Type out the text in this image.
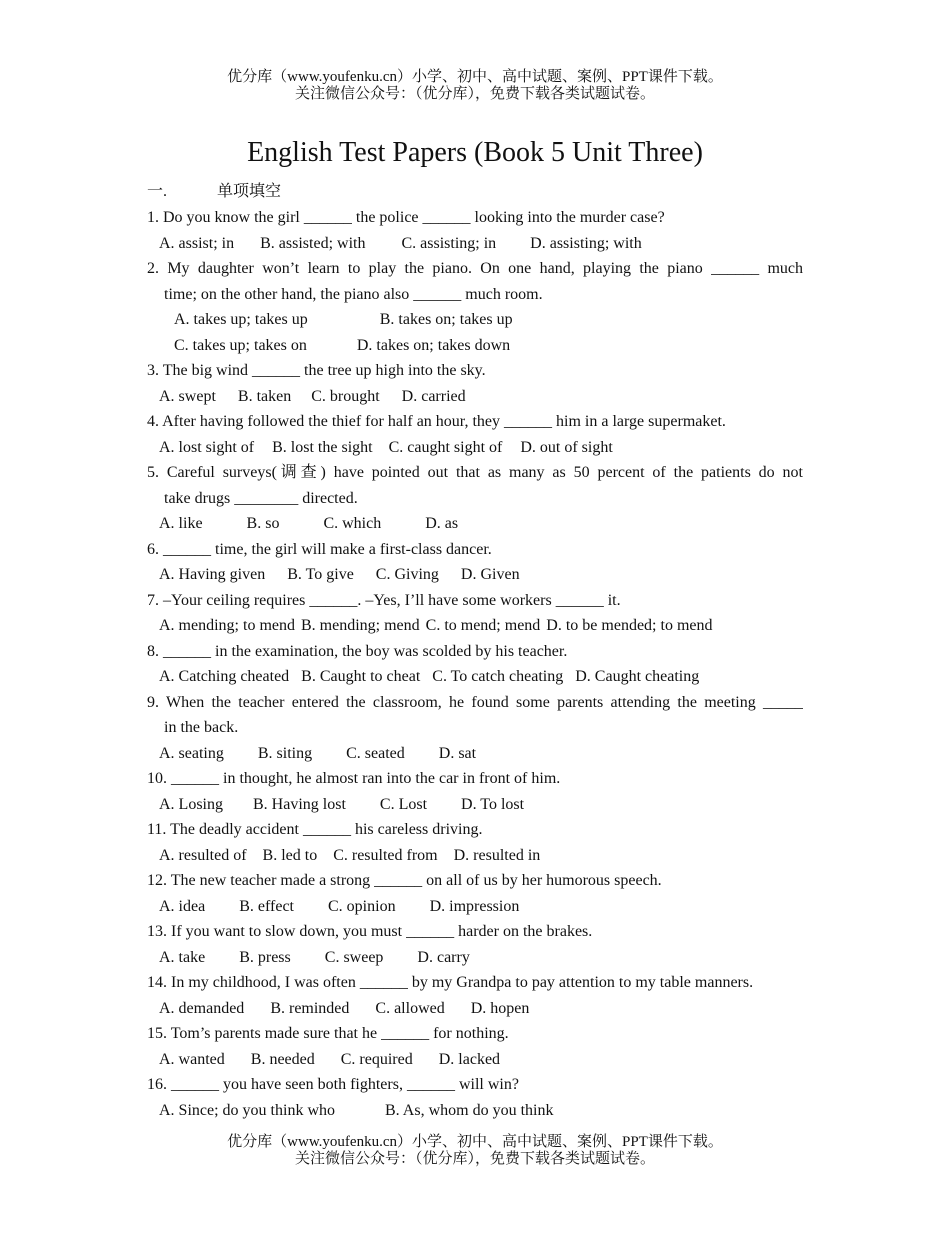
优分库（www.youfenku.cn）小学、初中、高中试题、案例、PPT课件下载。
关注微信公众号：（优分库），免费下载各类试题试卷。
English Test Papers (Book 5 Unit Three)
一.	单项填空
1. Do you know the girl ______ the police ______ looking into the murder case?
A. assist; in B. assisted; with C. assisting; in D. assisting; with
2. My daughter won’t learn to play the piano. On one hand, playing the piano ______ much
time; on the other hand, the piano also ______ much room.
A. takes up; takes up	B. takes on; takes up
C. takes up; takes on	D. takes on; takes down
3. The big wind ______ the tree up high into the sky.
A. swept B. taken C. brought D. carried
4. After having followed the thief for half an hour, they ______ him in a large supermaket.
A. lost sight of B. lost the sight C. caught sight of D. out of sight
5. Careful surveys(调查) have pointed out that as many as 50 percent of the patients do not
take drugs ________ directed.
A. like	B. so	C. which	D. as
6. ______ time, the girl will make a first-class dancer.
A. Having given B. To give C. Giving D. Given
7. –Your ceiling requires ______. –Yes, I’ll have some workers ______ it.
A. mending; to mend B. mending; mend C. to mend; mend D. to be mended; to mend
8. ______ in the examination, the boy was scolded by his teacher.
A. Catching cheated B. Caught to cheat C. To catch cheating D. Caught cheating
9. When the teacher entered the classroom, he found some parents attending the meeting _____
in the back.
A. seating B. siting C. seated D. sat
10. ______ in thought, he almost ran into the car in front of him.
A. Losing B. Having lost C. Lost D. To lost
11. The deadly accident ______ his careless driving.
A. resulted of B. led to C. resulted from D. resulted in
12. The new teacher made a strong ______ on all of us by her humorous speech.
A. idea B. effect C. opinion D. impression
13. If you want to slow down, you must ______ harder on the brakes.
A. take B. press C. sweep D. carry
14. In my childhood, I was often ______ by my Grandpa to pay attention to my table manners.
A. demanded B. reminded C. allowed D. hopen
15. Tom’s parents made sure that he ______ for nothing.
A. wanted B. needed C. required D. lacked
16. ______ you have seen both fighters, ______ will win?
A. Since; do you think who	B. As, whom do you think
优分库（www.youfenku.cn）小学、初中、高中试题、案例、PPT课件下载。
关注微信公众号：（优分库），免费下载各类试题试卷。
